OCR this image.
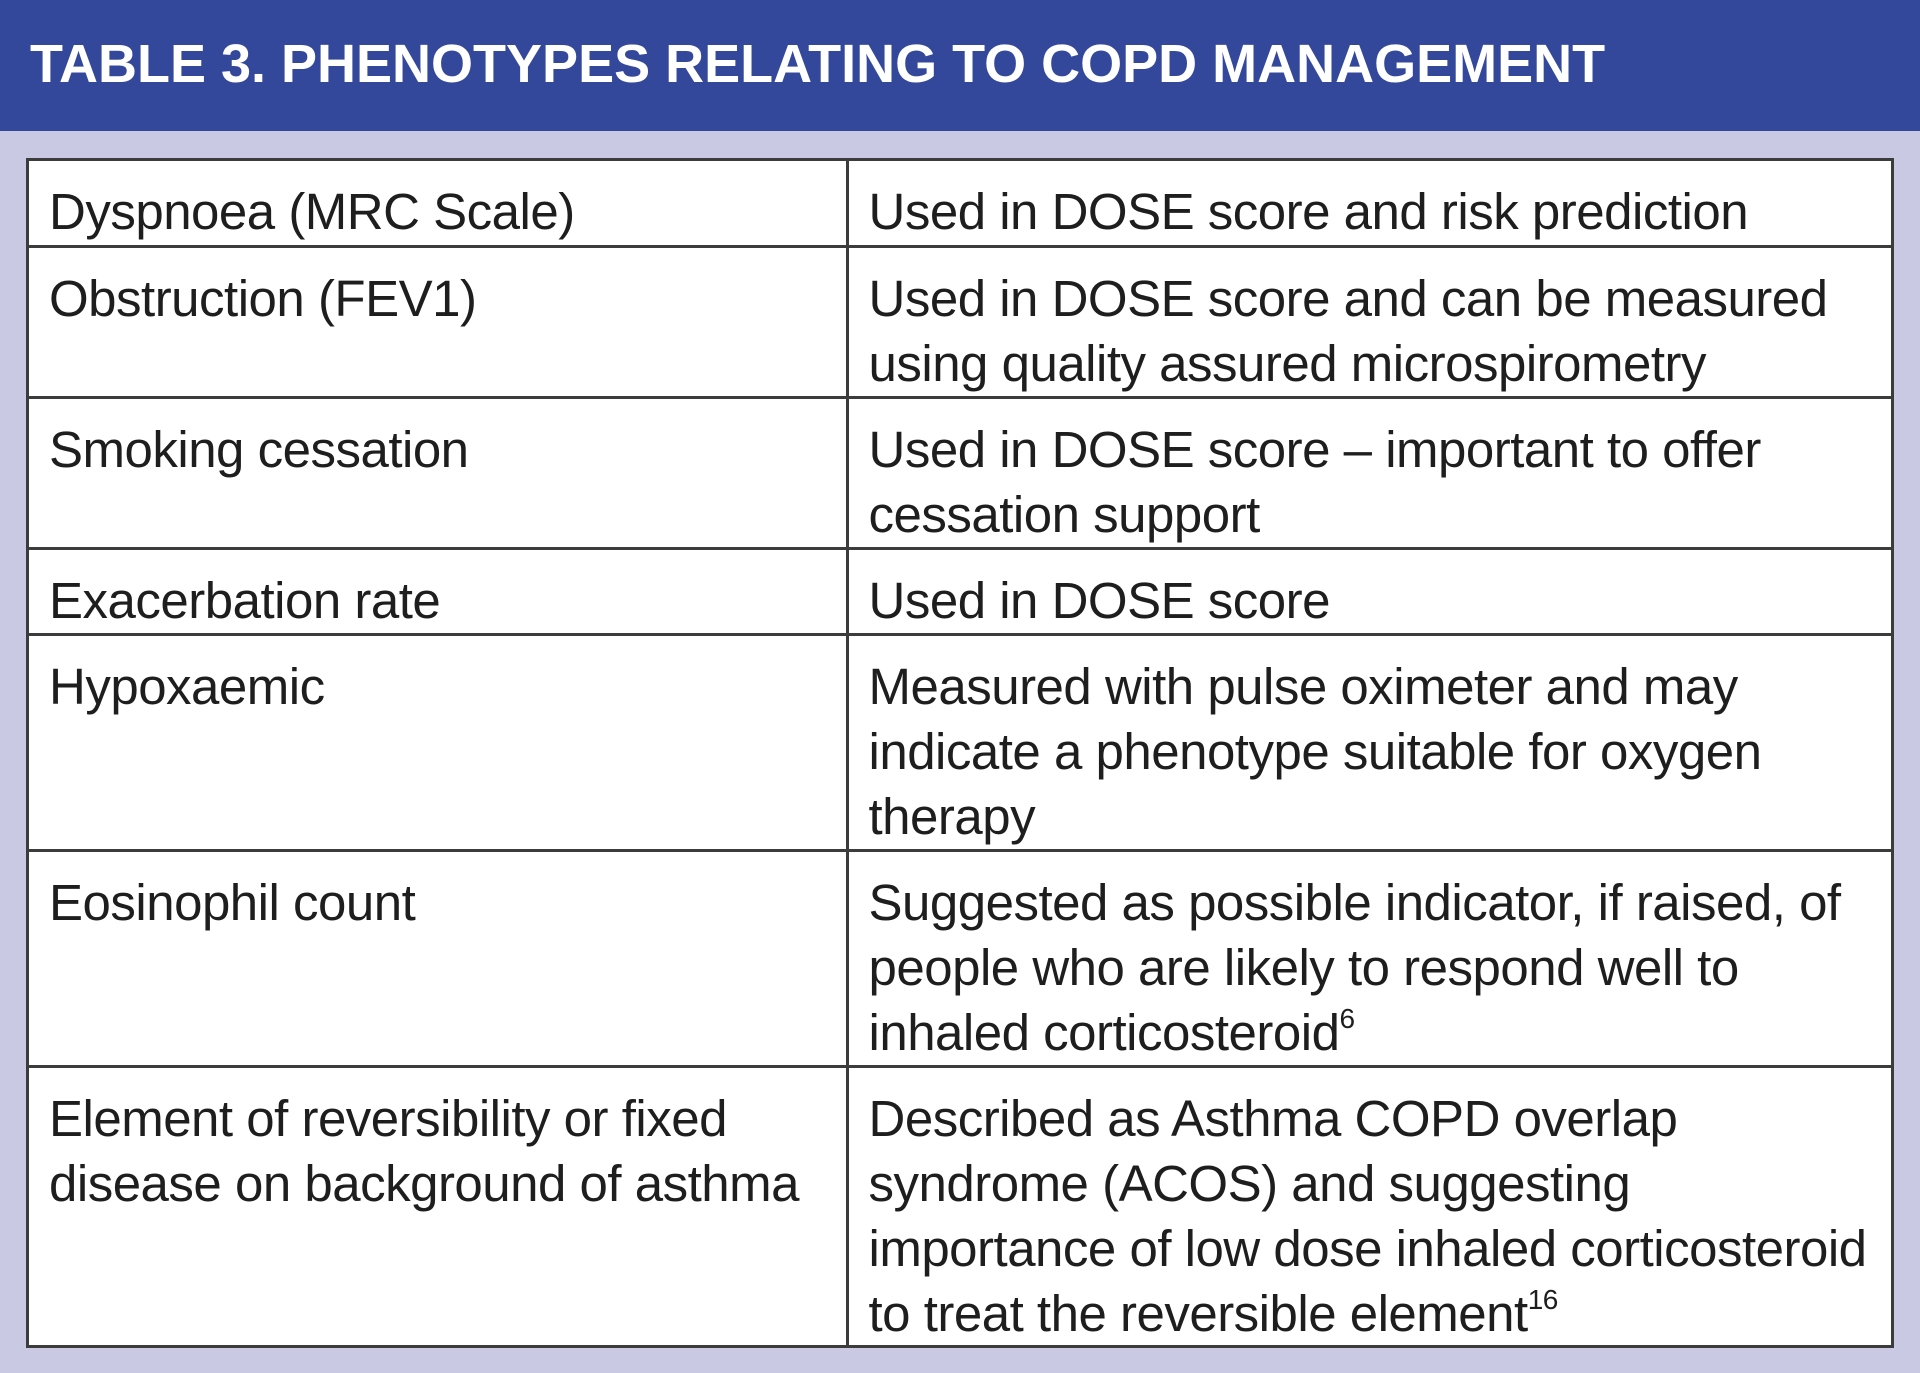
TABLE 3. PHENOTYPES RELATING TO COPD MANAGEMENT
Dyspnoea (MRC Scale)	Used in DOSE score and risk prediction
Obstruction (FEV1)	Used in DOSE score and can be measured using quality assured microspirometry
Smoking cessation	Used in DOSE score – important to offer cessation support
Exacerbation rate	Used in DOSE score
Hypoxaemic	Measured with pulse oximeter and may indicate a phenotype suitable for oxygen therapy
Eosinophil count	Suggested as possible indicator, if raised, of people who are likely to respond well to inhaled corticosteroid$^6$
Element of reversibility or fixed disease on background of asthma	Described as Asthma COPD overlap syndrome (ACOS) and suggesting importance of low dose inhaled corticosteroid to treat the reversible element$^{16}$
